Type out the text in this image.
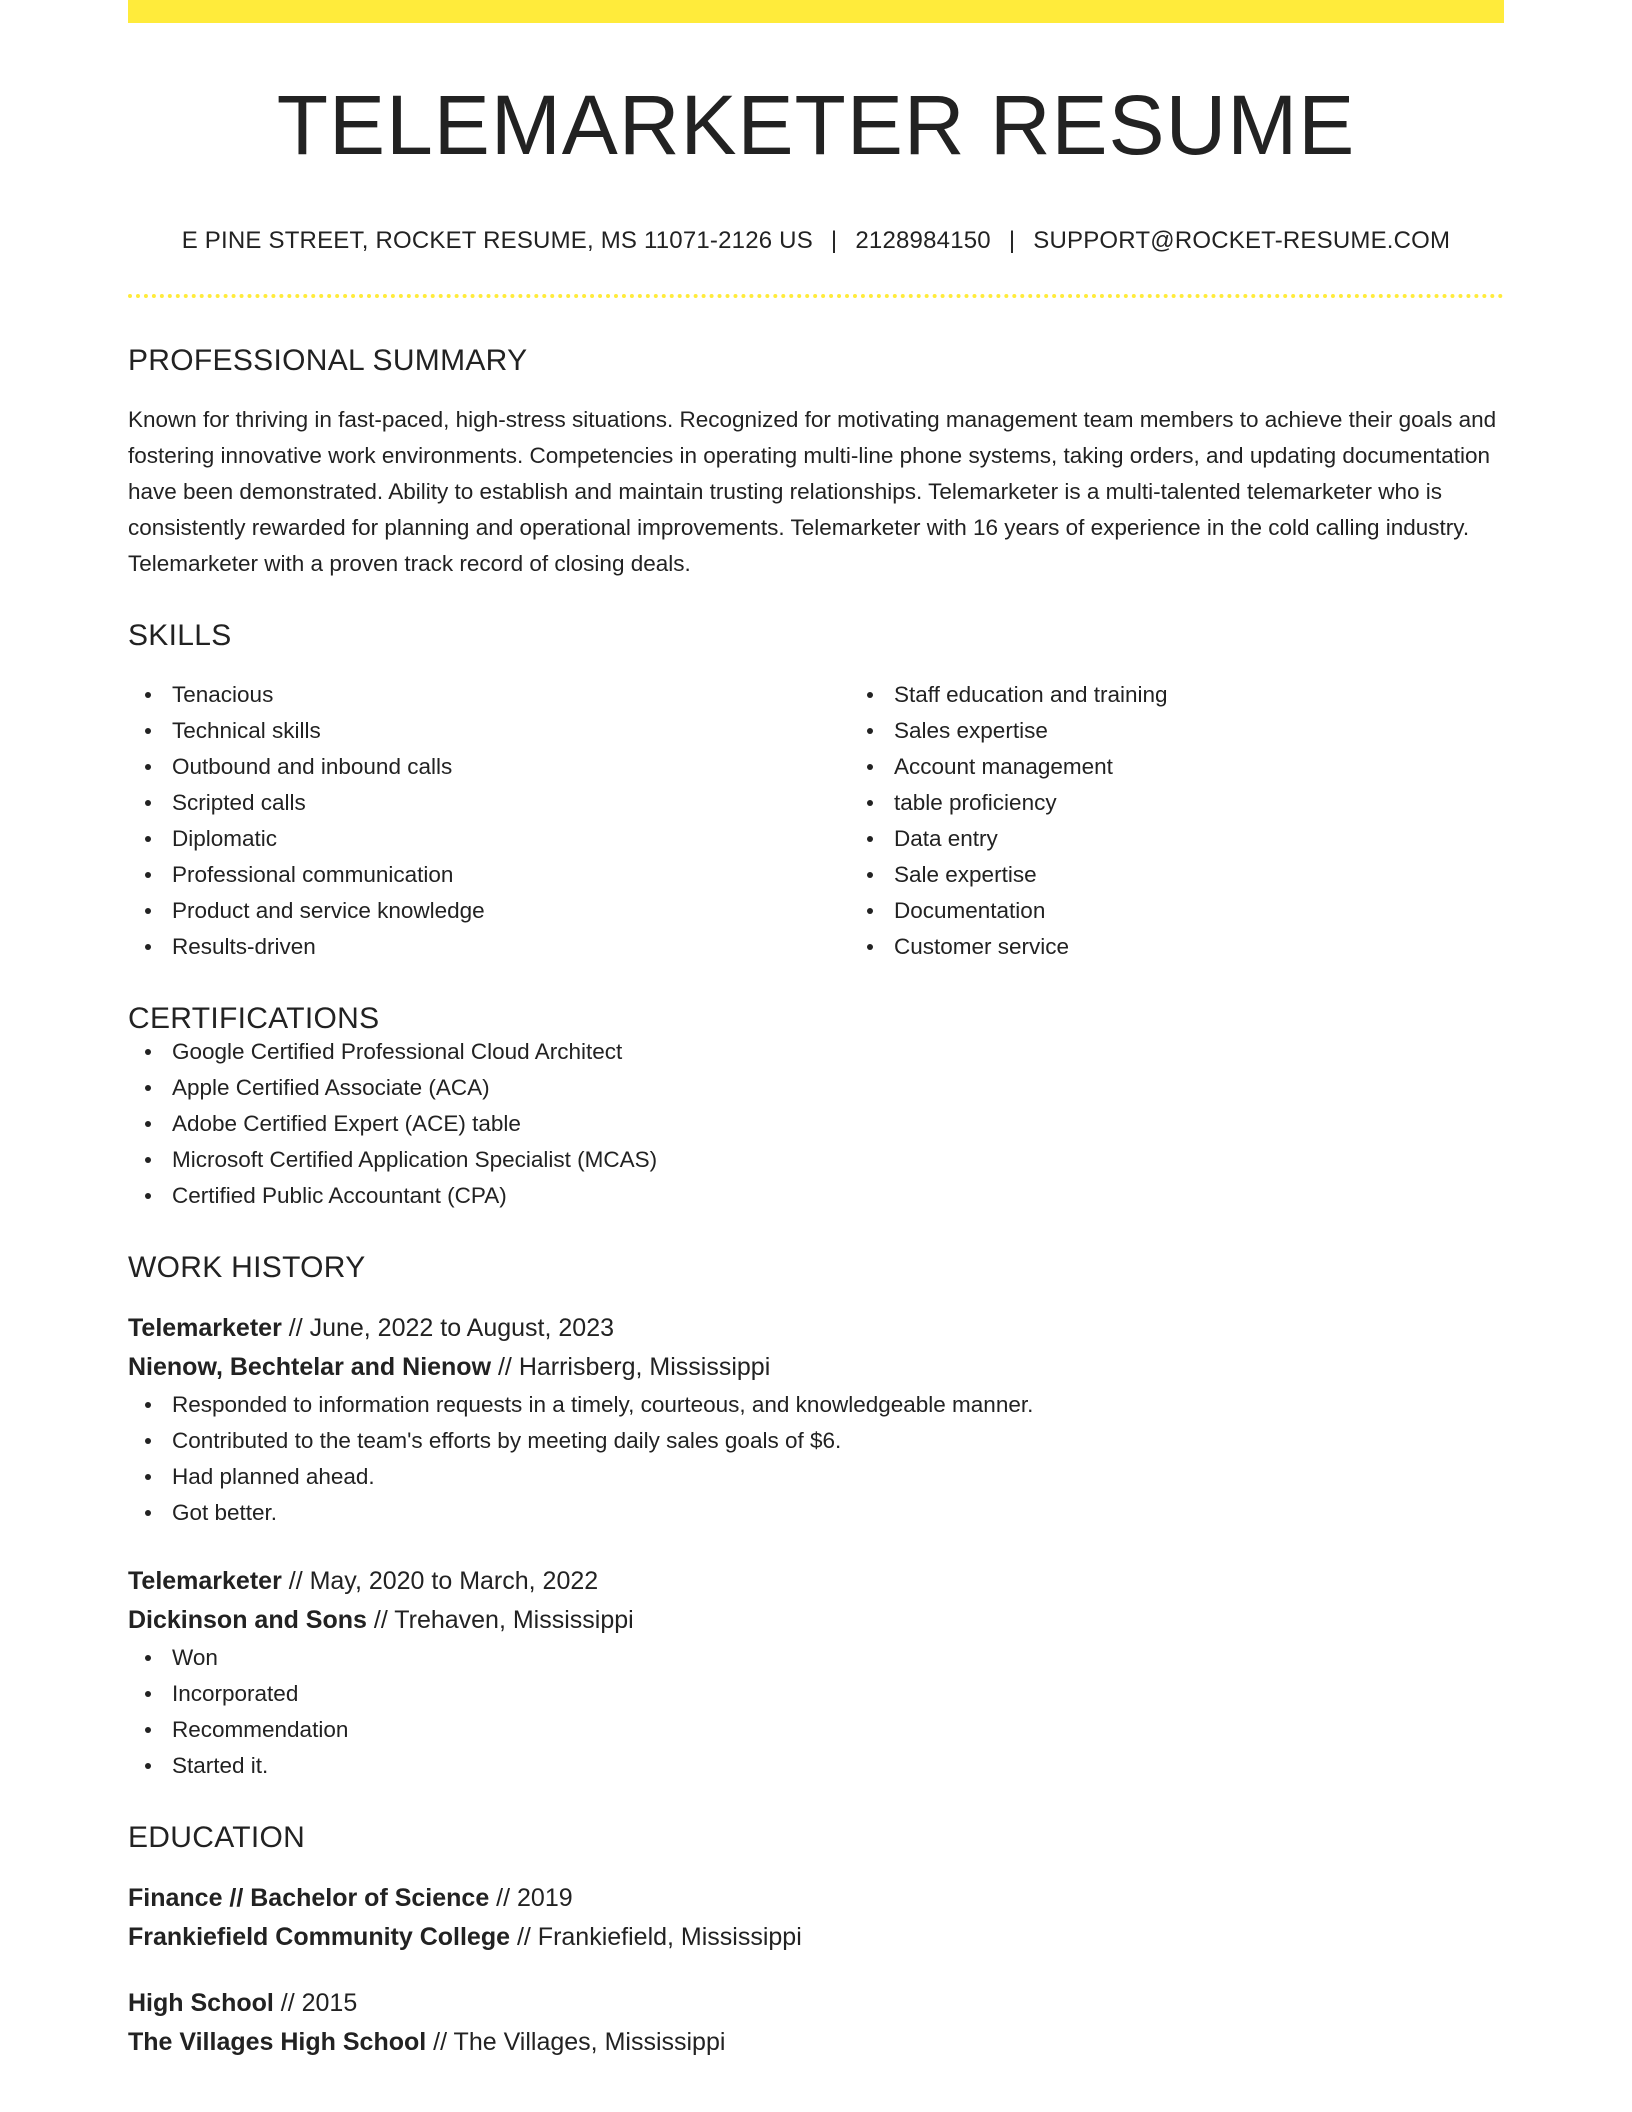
TELEMARKETER RESUME
E PINE STREET, ROCKET RESUME, MS 11071-2126 US | 2128984150 | SUPPORT@ROCKET-RESUME.COM
PROFESSIONAL SUMMARY
Known for thriving in fast-paced, high-stress situations. Recognized for motivating management team members to achieve their goals and fostering innovative work environments. Competencies in operating multi-line phone systems, taking orders, and updating documentation have been demonstrated. Ability to establish and maintain trusting relationships. Telemarketer is a multi-talented telemarketer who is consistently rewarded for planning and operational improvements. Telemarketer with 16 years of experience in the cold calling industry. Telemarketer with a proven track record of closing deals.
SKILLS
Tenacious
Technical skills
Outbound and inbound calls
Scripted calls
Diplomatic
Professional communication
Product and service knowledge
Results-driven
Staff education and training
Sales expertise
Account management
table proficiency
Data entry
Sale expertise
Documentation
Customer service
CERTIFICATIONS
Google Certified Professional Cloud Architect
Apple Certified Associate (ACA)
Adobe Certified Expert (ACE) table
Microsoft Certified Application Specialist (MCAS)
Certified Public Accountant (CPA)
WORK HISTORY
Telemarketer // June, 2022 to August, 2023
Nienow, Bechtelar and Nienow // Harrisberg, Mississippi
Responded to information requests in a timely, courteous, and knowledgeable manner.
Contributed to the team's efforts by meeting daily sales goals of $6.
Had planned ahead.
Got better.
Telemarketer // May, 2020 to March, 2022
Dickinson and Sons // Trehaven, Mississippi
Won
Incorporated
Recommendation
Started it.
EDUCATION
Finance // Bachelor of Science // 2019
Frankiefield Community College // Frankiefield, Mississippi
High School // 2015
The Villages High School // The Villages, Mississippi
